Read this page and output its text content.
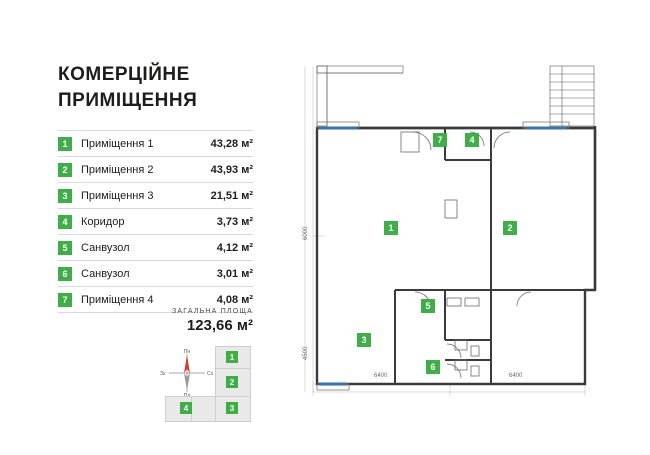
КОМЕРЦІЙНЕ
ПРИМІЩЕННЯ
1	Приміщення 1	43,28 м²
2	Приміщення 2	43,93 м²
3	Приміщення 3	21,51 м²
4	Коридор	3,73 м²
5	Санвузол	4,12 м²
6	Санвузол	3,01 м²
7	Приміщення 4	4,08 м²
ЗАГАЛЬНА ПЛОЩА
123,66 м²
Пн
Сх
Зх
1
2
4	3
1	2
3
4
5
6
7
6400	6400
6000
4500
